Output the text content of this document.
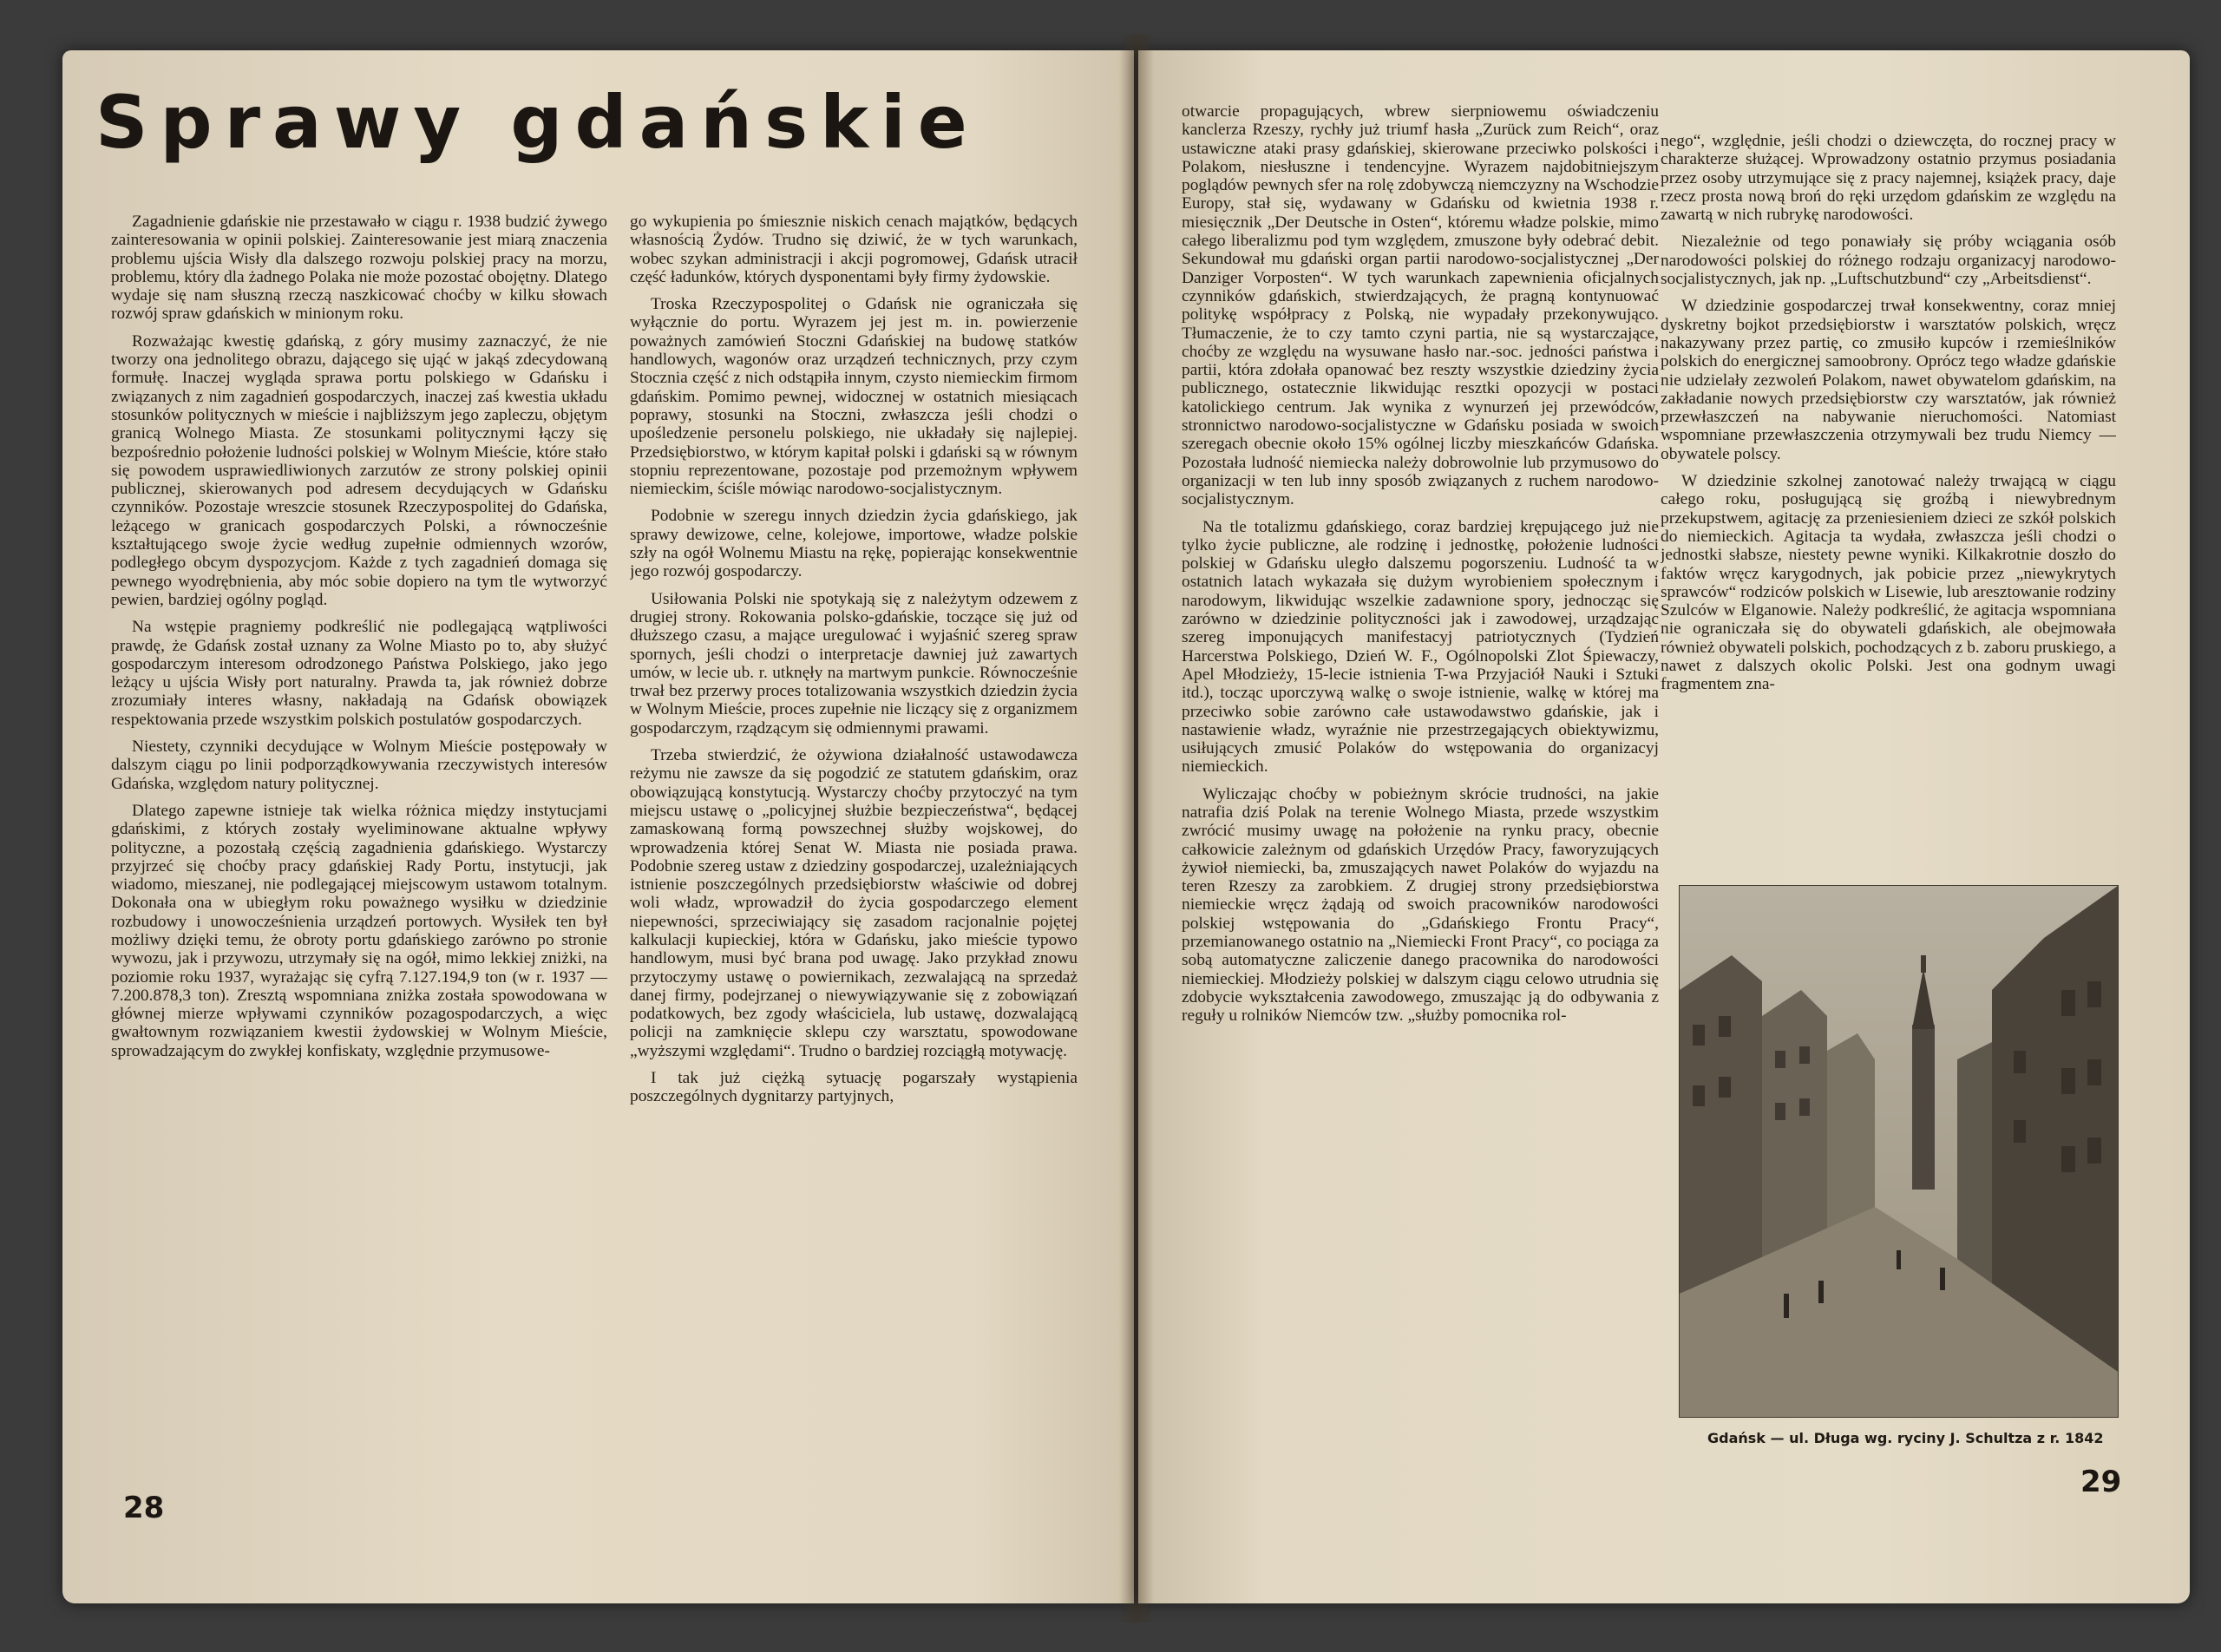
Sprawy gdańskie

Zagadnienie gdańskie nie przestawało w ciągu r. 1938 budzić żywego zainteresowania w opinii polskiej. Zainteresowanie jest miarą znaczenia problemu ujścia Wisły dla dalszego rozwoju polskiej pracy na morzu, problemu, który dla żadnego Polaka nie może pozostać obojętny. Dlatego wydaje się nam słuszną rzeczą naszkicować choćby w kilku słowach rozwój spraw gdańskich w minionym roku.

Rozważając kwestię gdańską, z góry musimy zaznaczyć, że nie tworzy ona jednolitego obrazu, dającego się ująć w jakąś zdecydowaną formułę. Inaczej wygląda sprawa portu polskiego w Gdańsku i związanych z nim zagadnień gospodarczych, inaczej zaś kwestia układu stosunków politycznych w mieście i najbliższym jego zapleczu, objętym granicą Wolnego Miasta. Ze stosunkami politycznymi łączy się bezpośrednio położenie ludności polskiej w Wolnym Mieście, które stało się powodem usprawiedliwionych zarzutów ze strony polskiej opinii publicznej, skierowanych pod adresem decydujących w Gdańsku czynników. Pozostaje wreszcie stosunek Rzeczypospolitej do Gdańska, leżącego w granicach gospodarczych Polski, a równocześnie kształtującego swoje życie według zupełnie odmiennych wzorów, podległego obcym dyspozycjom. Każde z tych zagadnień domaga się pewnego wyodrębnienia, aby móc sobie dopiero na tym tle wytworzyć pewien, bardziej ogólny pogląd.

Na wstępie pragniemy podkreślić nie podlegającą wątpliwości prawdę, że Gdańsk został uznany za Wolne Miasto po to, aby służyć gospodarczym interesom odrodzonego Państwa Polskiego, jako jego leżący u ujścia Wisły port naturalny. Prawda ta, jak również dobrze zrozumiały interes własny, nakładają na Gdańsk obowiązek respektowania przede wszystkim polskich postulatów gospodarczych.

Niestety, czynniki decydujące w Wolnym Mieście postępowały w dalszym ciągu po linii podporządkowywania rzeczywistych interesów Gdańska, względom natury politycznej.

Dlatego zapewne istnieje tak wielka różnica między instytucjami gdańskimi, z których zostały wyeliminowane aktualne wpływy polityczne, a pozostałą częścią zagadnienia gdańskiego. Wystarczy przyjrzeć się choćby pracy gdańskiej Rady Portu, instytucji, jak wiadomo, mieszanej, nie podlegającej miejscowym ustawom totalnym. Dokonała ona w ubiegłym roku poważnego wysiłku w dziedzinie rozbudowy i unowocześnienia urządzeń portowych. Wysiłek ten był możliwy dzięki temu, że obroty portu gdańskiego zarówno po stronie wywozu, jak i przywozu, utrzymały się na ogół, mimo lekkiej zniżki, na poziomie roku 1937, wyrażając się cyfrą 7.127.194,9 ton (w r. 1937 — 7.200.878,3 ton). Zresztą wspomniana zniżka została spowodowana w głównej mierze wpływami czynników pozagospodarczych, a więc gwałtownym rozwiązaniem kwestii żydowskiej w Wolnym Mieście, sprowadzającym do zwykłej konfiskaty, względnie przymusowe-

go wykupienia po śmiesznie niskich cenach majątków, będących własnością Żydów. Trudno się dziwić, że w tych warunkach, wobec szykan administracji i akcji pogromowej, Gdańsk utracił część ładunków, których dysponentami były firmy żydowskie.

Troska Rzeczypospolitej o Gdańsk nie ograniczała się wyłącznie do portu. Wyrazem jej jest m. in. powierzenie poważnych zamówień Stoczni Gdańskiej na budowę statków handlowych, wagonów oraz urządzeń technicznych, przy czym Stocznia część z nich odstąpiła innym, czysto niemieckim firmom gdańskim. Pomimo pewnej, widocznej w ostatnich miesiącach poprawy, stosunki na Stoczni, zwłaszcza jeśli chodzi o upośledzenie personelu polskiego, nie układały się najlepiej. Przedsiębiorstwo, w którym kapitał polski i gdański są w równym stopniu reprezentowane, pozostaje pod przemożnym wpływem niemieckim, ściśle mówiąc narodowo-socjalistycznym.

Podobnie w szeregu innych dziedzin życia gdańskiego, jak sprawy dewizowe, celne, kolejowe, importowe, władze polskie szły na ogół Wolnemu Miastu na rękę, popierając konsekwentnie jego rozwój gospodarczy.

Usiłowania Polski nie spotykają się z należytym odzewem z drugiej strony. Rokowania polsko-gdańskie, toczące się już od dłuższego czasu, a mające uregulować i wyjaśnić szereg spraw spornych, jeśli chodzi o interpretacje dawniej już zawartych umów, w lecie ub. r. utknęły na martwym punkcie. Równocześnie trwał bez przerwy proces totalizowania wszystkich dziedzin życia w Wolnym Mieście, proces zupełnie nie liczący się z organizmem gospodarczym, rządzącym się odmiennymi prawami.

Trzeba stwierdzić, że ożywiona działalność ustawodawcza reżymu nie zawsze da się pogodzić ze statutem gdańskim, oraz obowiązującą konstytucją. Wystarczy choćby przytoczyć na tym miejscu ustawę o „policyjnej służbie bezpieczeństwa“, będącej zamaskowaną formą powszechnej służby wojskowej, do wprowadzenia której Senat W. Miasta nie posiada prawa. Podobnie szereg ustaw z dziedziny gospodarczej, uzależniających istnienie poszczególnych przedsiębiorstw właściwie od dobrej woli władz, wprowadził do życia gospodarczego element niepewności, sprzeciwiający się zasadom racjonalnie pojętej kalkulacji kupieckiej, która w Gdańsku, jako mieście typowo handlowym, musi być brana pod uwagę. Jako przykład znowu przytoczymy ustawę o powiernikach, zezwalającą na sprzedaż danej firmy, podejrzanej o niewywiązywanie się z zobowiązań podatkowych, bez zgody właściciela, lub ustawę, dozwalającą policji na zamknięcie sklepu czy warsztatu, spowodowane „wyższymi względami“. Trudno o bardziej rozciągłą motywację.

I tak już ciężką sytuację pogarszały wystąpienia poszczególnych dygnitarzy partyjnych,

28

otwarcie propagujących, wbrew sierpniowemu oświadczeniu kanclerza Rzeszy, rychły już triumf hasła „Zurück zum Reich“, oraz ustawiczne ataki prasy gdańskiej, skierowane przeciwko polskości i Polakom, niesłuszne i tendencyjne. Wyrazem najdobitniejszym poglądów pewnych sfer na rolę zdobywczą niemczyzny na Wschodzie Europy, stał się, wydawany w Gdańsku od kwietnia 1938 r. miesięcznik „Der Deutsche in Osten“, któremu władze polskie, mimo całego liberalizmu pod tym względem, zmuszone były odebrać debit. Sekundował mu gdański organ partii narodowo-socjalistycznej „Der Danziger Vorposten“. W tych warunkach zapewnienia oficjalnych czynników gdańskich, stwierdzających, że pragną kontynuować politykę współpracy z Polską, nie wypadały przekonywująco. Tłumaczenie, że to czy tamto czyni partia, nie są wystarczające, choćby ze względu na wysuwane hasło nar.-soc. jedności państwa i partii, która zdołała opanować bez reszty wszystkie dziedziny życia publicznego, ostatecznie likwidując resztki opozycji w postaci katolickiego centrum. Jak wynika z wynurzeń jej przewódców, stronnictwo narodowo-socjalistyczne w Gdańsku posiada w swoich szeregach obecnie około 15% ogólnej liczby mieszkańców Gdańska. Pozostała ludność niemiecka należy dobrowolnie lub przymusowo do organizacji w ten lub inny sposób związanych z ruchem narodowo-socjalistycznym.

Na tle totalizmu gdańskiego, coraz bardziej krępującego już nie tylko życie publiczne, ale rodzinę i jednostkę, położenie ludności polskiej w Gdańsku uległo dalszemu pogorszeniu. Ludność ta w ostatnich latach wykazała się dużym wyrobieniem społecznym i narodowym, likwidując wszelkie zadawnione spory, jednocząc się zarówno w dziedzinie polityczności jak i zawodowej, urządzając szereg imponujących manifestacyj patriotycznych (Tydzień Harcerstwa Polskiego, Dzień W. F., Ogólnopolski Zlot Śpiewaczy, Apel Młodzieży, 15-lecie istnienia T-wa Przyjaciół Nauki i Sztuki itd.), tocząc uporczywą walkę o swoje istnienie, walkę w której ma przeciwko sobie zarówno całe ustawodawstwo gdańskie, jak i nastawienie władz, wyraźnie nie przestrzegających obiektywizmu, usiłujących zmusić Polaków do wstępowania do organizacyj niemieckich.

Wyliczając choćby w pobieżnym skrócie trudności, na jakie natrafia dziś Polak na terenie Wolnego Miasta, przede wszystkim zwrócić musimy uwagę na położenie na rynku pracy, obecnie całkowicie zależnym od gdańskich Urzędów Pracy, faworyzujących żywioł niemiecki, ba, zmuszających nawet Polaków do wyjazdu na teren Rzeszy za zarobkiem. Z drugiej strony przedsiębiorstwa niemieckie wręcz żądają od swoich pracowników narodowości polskiej wstępowania do „Gdańskiego Frontu Pracy“, przemianowanego ostatnio na „Niemiecki Front Pracy“, co pociąga za sobą automatyczne zaliczenie danego pracownika do narodowości niemieckiej. Młodzieży polskiej w dalszym ciągu celowo utrudnia się zdobycie wykształcenia zawodowego, zmuszając ją do odbywania z reguły u rolników Niemców tzw. „służby pomocnika rol-

nego“, względnie, jeśli chodzi o dziewczęta, do rocznej pracy w charakterze służącej. Wprowadzony ostatnio przymus posiadania przez osoby utrzymujące się z pracy najemnej, książek pracy, daje rzecz prosta nową broń do ręki urzędom gdańskim ze względu na zawartą w nich rubrykę narodowości.

Niezależnie od tego ponawiały się próby wciągania osób narodowości polskiej do różnego rodzaju organizacyj narodowo-socjalistycznych, jak np. „Luftschutzbund“ czy „Arbeitsdienst“.

W dziedzinie gospodarczej trwał konsekwentny, coraz mniej dyskretny bojkot przedsiębiorstw i warsztatów polskich, wręcz nakazywany przez partię, co zmusiło kupców i rzemieślników polskich do energicznej samoobrony. Oprócz tego władze gdańskie nie udzielały zezwoleń Polakom, nawet obywatelom gdańskim, na zakładanie nowych przedsiębiorstw czy warsztatów, jak również przewłaszczeń na nabywanie nieruchomości. Natomiast wspomniane przewłaszczenia otrzymywali bez trudu Niemcy — obywatele polscy.

W dziedzinie szkolnej zanotować należy trwającą w ciągu całego roku, posługującą się groźbą i niewybrednym przekupstwem, agitację za przeniesieniem dzieci ze szkół polskich do niemieckich. Agitacja ta wydała, zwłaszcza jeśli chodzi o jednostki słabsze, niestety pewne wyniki. Kilkakrotnie doszło do faktów wręcz karygodnych, jak pobicie przez „niewykrytych sprawców“ rodziców polskich w Lisewie, lub aresztowanie rodziny Szulców w Elganowie. Należy podkreślić, że agitacja wspomniana nie ograniczała się do obywateli gdańskich, ale obejmowała również obywateli polskich, pochodzących z b. zaboru pruskiego, a nawet z dalszych okolic Polski. Jest ona godnym uwagi fragmentem zna-

Gdańsk — ul. Długa wg. ryciny J. Schultza z r. 1842
29
